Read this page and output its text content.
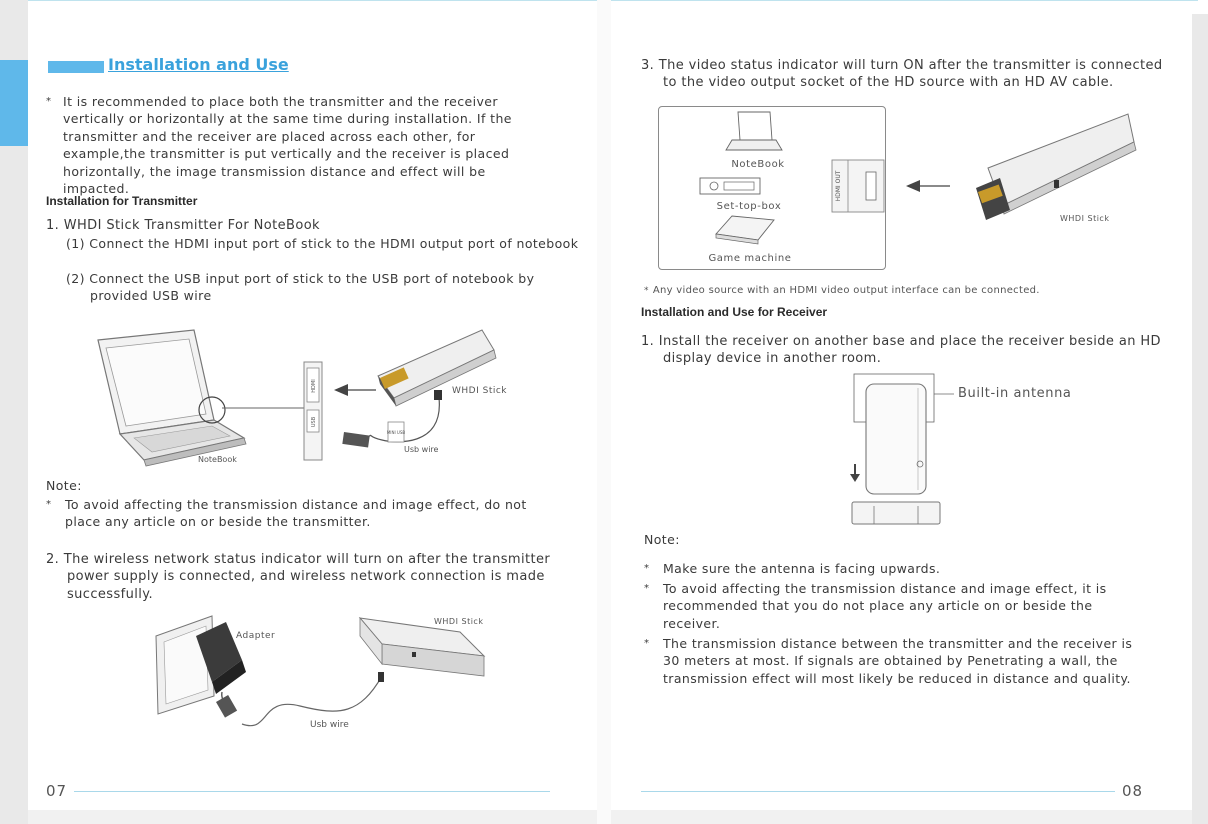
Installation and Use
* It is recommended to place both the transmitter and the receiver vertically or horizontally at the same time during installation. If the transmitter and the receiver are placed across each other, for example,the transmitter is put vertically and the receiver is placed horizontally, the image transmission distance and effect will be impacted.
Installation for Transmitter
1. WHDI Stick Transmitter For NoteBook
(1) Connect the HDMI input port of stick to the HDMI output port of notebook
(2) Connect the USB input port of stick to the USB port of notebook by provided USB wire
HDMI
USB
WHDI Stick
MINI USB
Usb wire
NoteBook
Note:
*	To avoid affecting the transmission distance and image effect, do not place any article on or beside the transmitter.
2. The wireless network status indicator will turn on after the transmitter power supply is connected, and wireless network connection is made successfully.
Adapter
WHDI Stick
Usb wire
07
3. The video status indicator will turn ON after the transmitter is connected to the video output socket of the HD source with an HD AV cable.
NoteBook
Set-top-box
Game machine
HDMI OUT
WHDI Stick
* Any video source with an HDMI video output interface can be connected.
Installation and Use for Receiver
1. Install the receiver on another base and place the receiver beside an HD display device in another room.
Built-in antenna
Note:
*	Make sure the antenna is facing upwards.
*	To avoid affecting the transmission distance and image effect, it is recommended that you do not place any article on or beside the receiver.
*	The transmission distance between the transmitter and the receiver is 30 meters at most. If signals are obtained by Penetrating a wall, the transmission effect will most likely be reduced in distance and quality.
08
